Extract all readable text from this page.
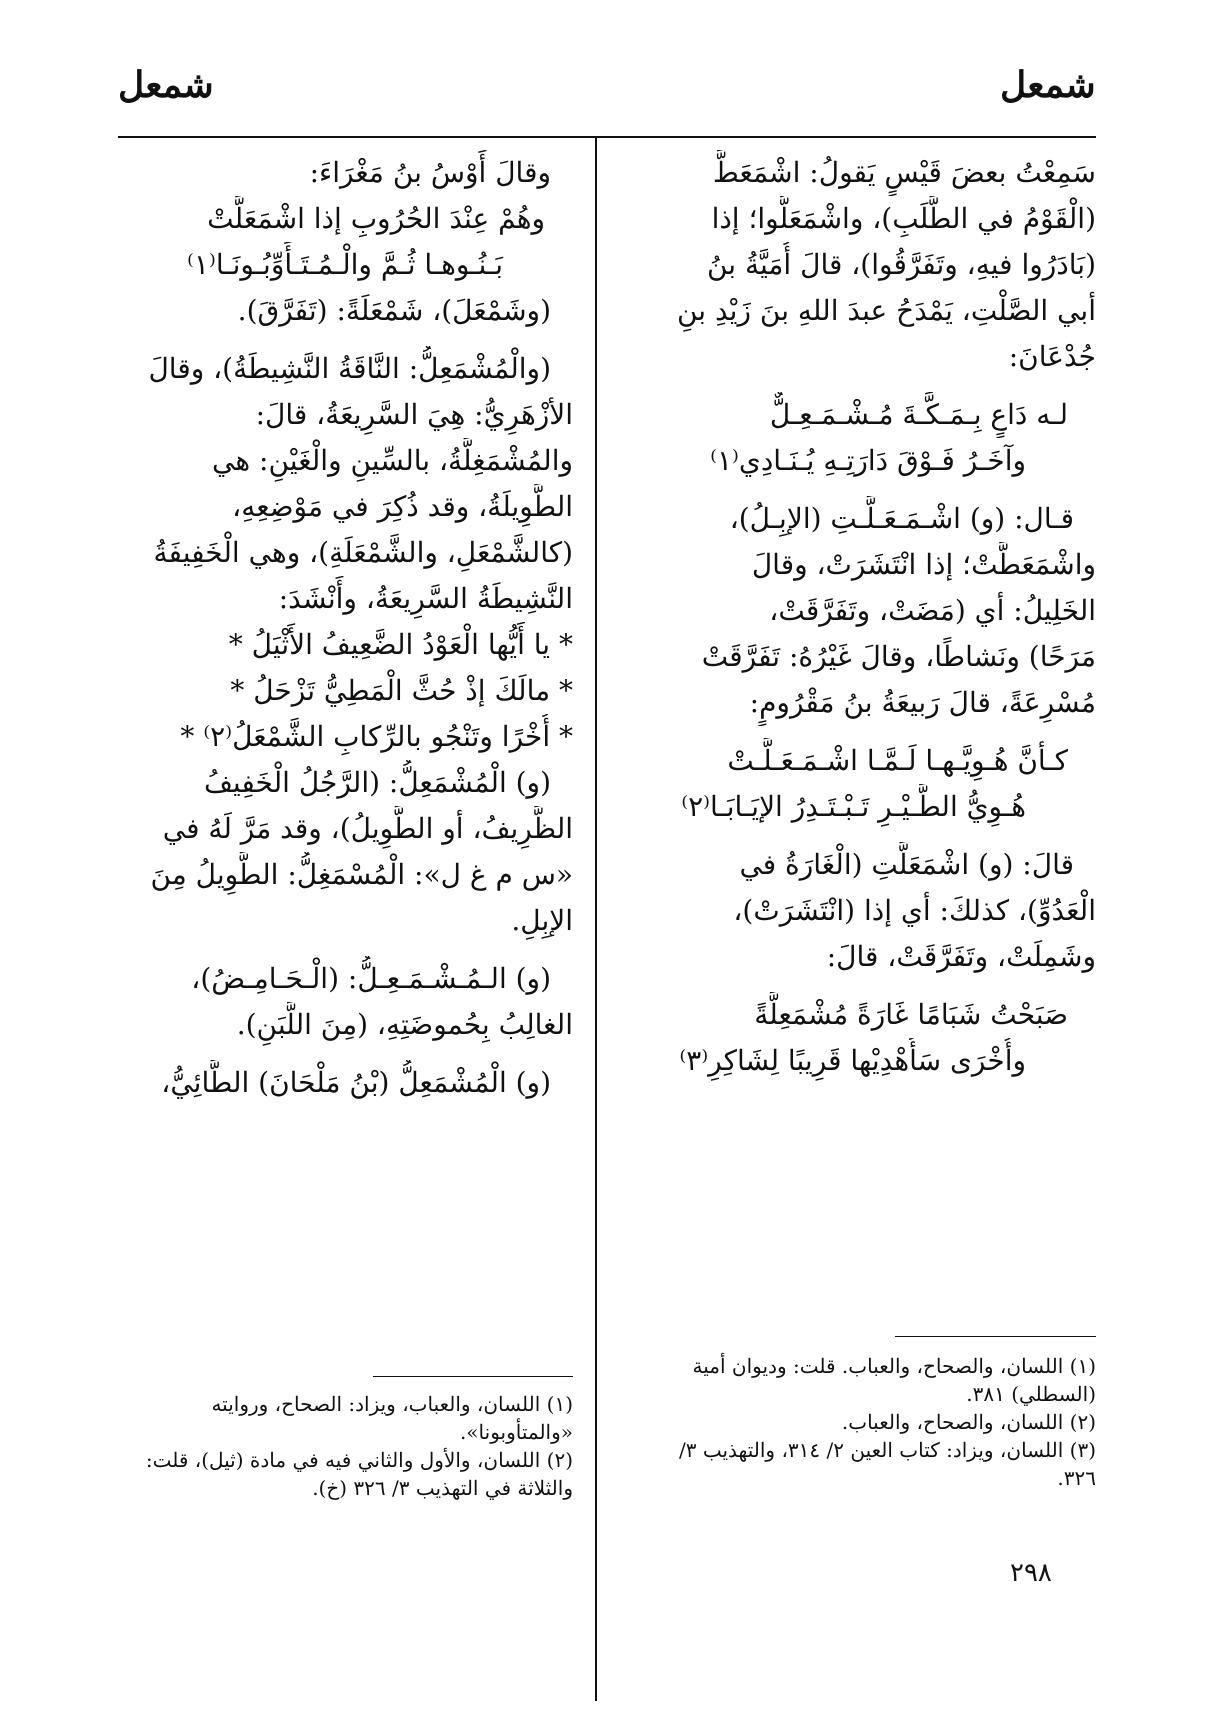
شمعل
شمعل
سَمِعْتُ بعضَ قَيْسٍ يَقولُ: اشْمَعَطَّ
(الْقَوْمُ في الطَّلَبِ)، واشْمَعَلُّوا؛ إذا
(بَادَرُوا فيهِ، وتَفَرَّقُوا)، قالَ أُمَيَّةُ بنُ
أبي الصَّلْتِ، يَمْدَحُ عبدَ اللهِ بنَ زَيْدِ بنِ
جُدْعَانَ:
لـه دَاعٍ بِـمَـكَّـةَ مُـشْـمَـعِـلٌّ
وآخَـرُ فَـوْقَ دَارَتِـهِ يُـنَـادِي⁽١⁾
قـال: (و) اشْـمَـعَـلَّـتِ (الإبِـلُ)،
واشْمَعَطَّتْ؛ إذا انْتَشَرَتْ، وقالَ
الخَلِيلُ: أي (مَضَتْ، وتَفَرَّقَتْ،
مَرَحًا) ونَشاطًا، وقالَ غَيْرُهُ: تَفَرَّقَتْ
مُسْرِعَةً، قالَ رَبيعَةُ بنُ مَقْرُومٍ:
كـأنَّ هُـوِيَّـهـا لَـمَّـا اشْـمَـعَـلَّـتْ
هُـوِيُّ الطَّـيْـرِ تَـبْـتَـدِرُ الإيَـابَـا⁽٢⁾
قالَ: (و) اشْمَعَلَّتِ (الْغَارَةُ في
الْعَدُوِّ)، كذلكَ: أي إذا (انْتَشَرَتْ)،
وشَمِلَتْ، وتَفَرَّقَتْ، قالَ:
صَبَحْتُ شَبَامًا غَارَةً مُشْمَعِلَّةً
وأُخْرَى سَأُهْدِيْها قَرِيبًا لِشَاكِرِ⁽٣⁾
وقالَ أَوْسُ بنُ مَغْرَاءَ:
وهُمْ عِنْدَ الحُرُوبِ إذا اشْمَعَلَّتْ
بَـنُـوهـا ثُـمَّ والْـمُـتَـأَوِّبُـونَـا⁽١⁾
(وشَمْعَلَ)، شَمْعَلَةً: (تَفَرَّقَ).
(والْمُشْمَعِلُّ: النَّاقَةُ النَّشِيطَةُ)، وقالَ
الأزْهَرِيُّ: هِيَ السَّرِيعَةُ، قالَ:
والمُشْمَغِلَّةُ، بالسِّينِ والْغَيْنِ: هي
الطَّوِيلَةُ، وقد ذُكِرَ في مَوْضِعِهِ،
(كالشَّمْعَلِ، والشَّمْعَلَةِ)، وهي الْخَفِيفَةُ
النَّشِيطَةُ السَّرِيعَةُ، وأَنْشَدَ:
* يا أَيُّها الْعَوْدُ الضَّعِيفُ الأَثْيَلُ *
* مالَكَ إذْ حُثَّ الْمَطِيُّ تَزْحَلُ *
* أُخْرًا وتَنْجُو بالرِّكابِ الشَّمْعَلُ⁽٢⁾ *
(و) الْمُشْمَعِلُّ: (الرَّجُلُ الْخَفِيفُ
الظَّرِيفُ، أو الطَّوِيلُ)، وقد مَرَّ لَهُ في
«س م غ ل»: الْمُسْمَغِلُّ: الطَّوِيلُ مِنَ
الإبِلِ.
(و) الـمُـشْـمَـعِـلُّ: (الْـحَـامِـضُ)،
الغالِبُ بِحُموضَتِهِ، (مِنَ اللَّبَنِ).
(و) الْمُشْمَعِلُّ (بْنُ مَلْحَانَ) الطَّائِيُّ،
(١) اللسان، والصحاح، والعباب. قلت: وديوان أمية (السطلي) ٣٨١.
(٢) اللسان، والصحاح، والعباب.
(٣) اللسان، ويزاد: كتاب العين ٢/ ٣١٤، والتهذيب ٣/ ٣٢٦.
(١) اللسان، والعباب، ويزاد: الصحاح، وروايته «والمتأوبونا».
(٢) اللسان، والأول والثاني فيه في مادة (ثيل)، قلت: والثلاثة في التهذيب ٣/ ٣٢٦ (خ).
٢٩٨
